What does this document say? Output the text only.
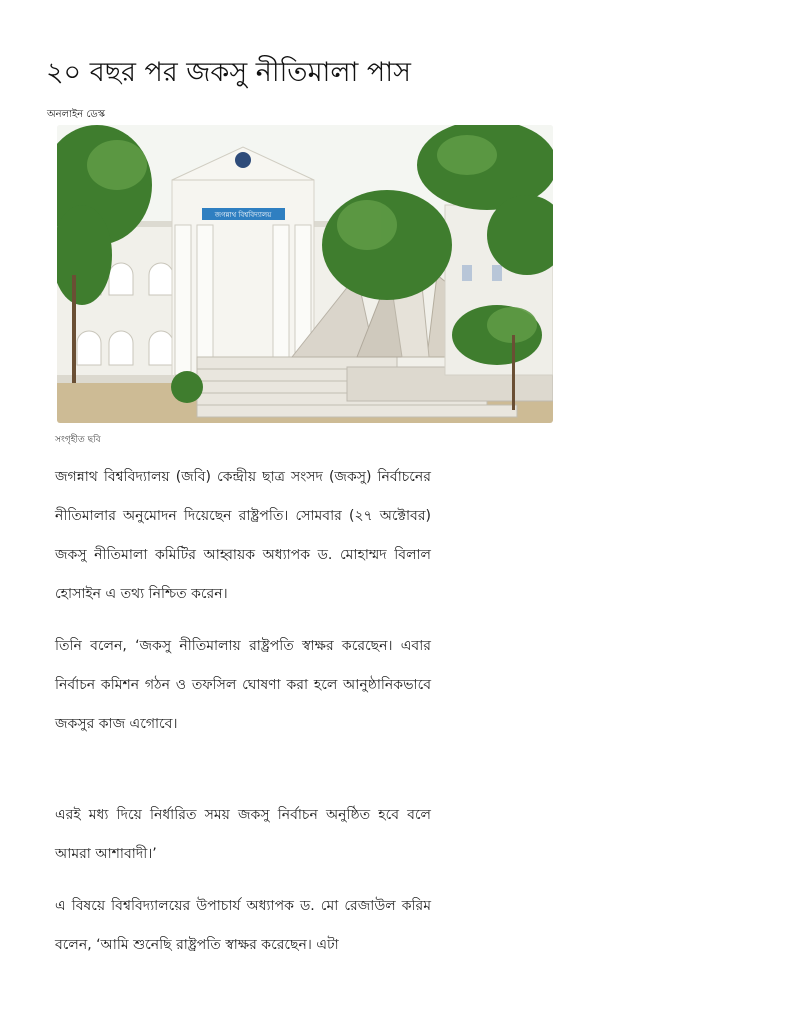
২০ বছর পর জকসু নীতিমালা পাস
অনলাইন ডেস্ক
জগন্নাথ বিশ্ববিদ্যালয়
সংগৃহীত ছবি

জগন্নাথ বিশ্ববিদ্যালয় (জবি) কেন্দ্রীয় ছাত্র সংসদ (জকসু) নির্বাচনের নীতিমালার অনুমোদন দিয়েছেন রাষ্ট্রপতি। সোমবার (২৭ অক্টোবর) জকসু নীতিমালা কমিটির আহ্বায়ক অধ্যাপক ড. মোহাম্মদ বিলাল হোসাইন এ তথ্য নিশ্চিত করেন।

তিনি বলেন, ‘জকসু নীতিমালায় রাষ্ট্রপতি স্বাক্ষর করেছেন। এবার নির্বাচন কমিশন গঠন ও তফসিল ঘোষণা করা হলে আনুষ্ঠানিকভাবে জকসুর কাজ এগোবে।

এরই মধ্য দিয়ে নির্ধারিত সময় জকসু নির্বাচন অনুষ্ঠিত হবে বলে আমরা আশাবাদী।’

এ বিষয়ে বিশ্ববিদ্যালয়ের উপাচার্য অধ্যাপক ড. মো রেজাউল করিম বলেন, ‘আমি শুনেছি রাষ্ট্রপতি স্বাক্ষর করেছেন। এটা
